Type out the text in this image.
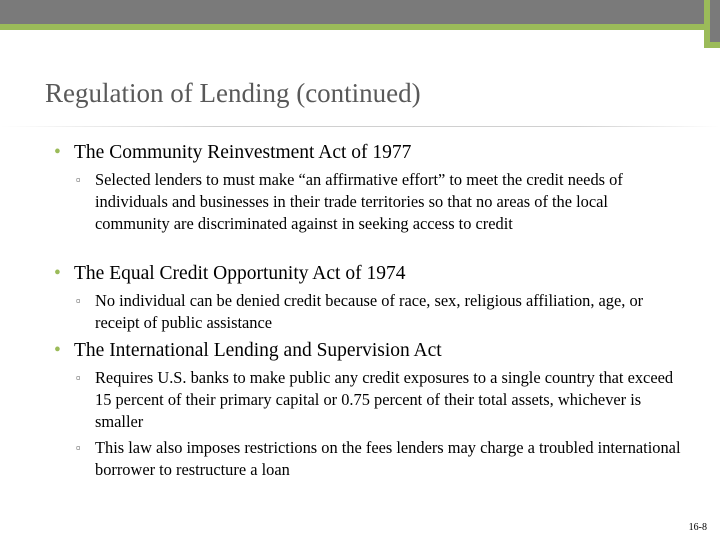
Regulation of Lending (continued)
• The Community Reinvestment Act of 1977
▫ Selected lenders to must make “an affirmative effort” to meet the credit needs of individuals and businesses in their trade territories so that no areas of the local community are discriminated against in seeking access to credit
• The Equal Credit Opportunity Act of 1974
▫ No individual can be denied credit because of race, sex, religious affiliation, age, or receipt of public assistance
• The International Lending and Supervision Act
▫ Requires U.S. banks to make public any credit exposures to a single country that exceed 15 percent of their primary capital or 0.75 percent of their total assets, whichever is smaller
▫ This law also imposes restrictions on the fees lenders may charge a troubled international borrower to restructure a loan
16-8
